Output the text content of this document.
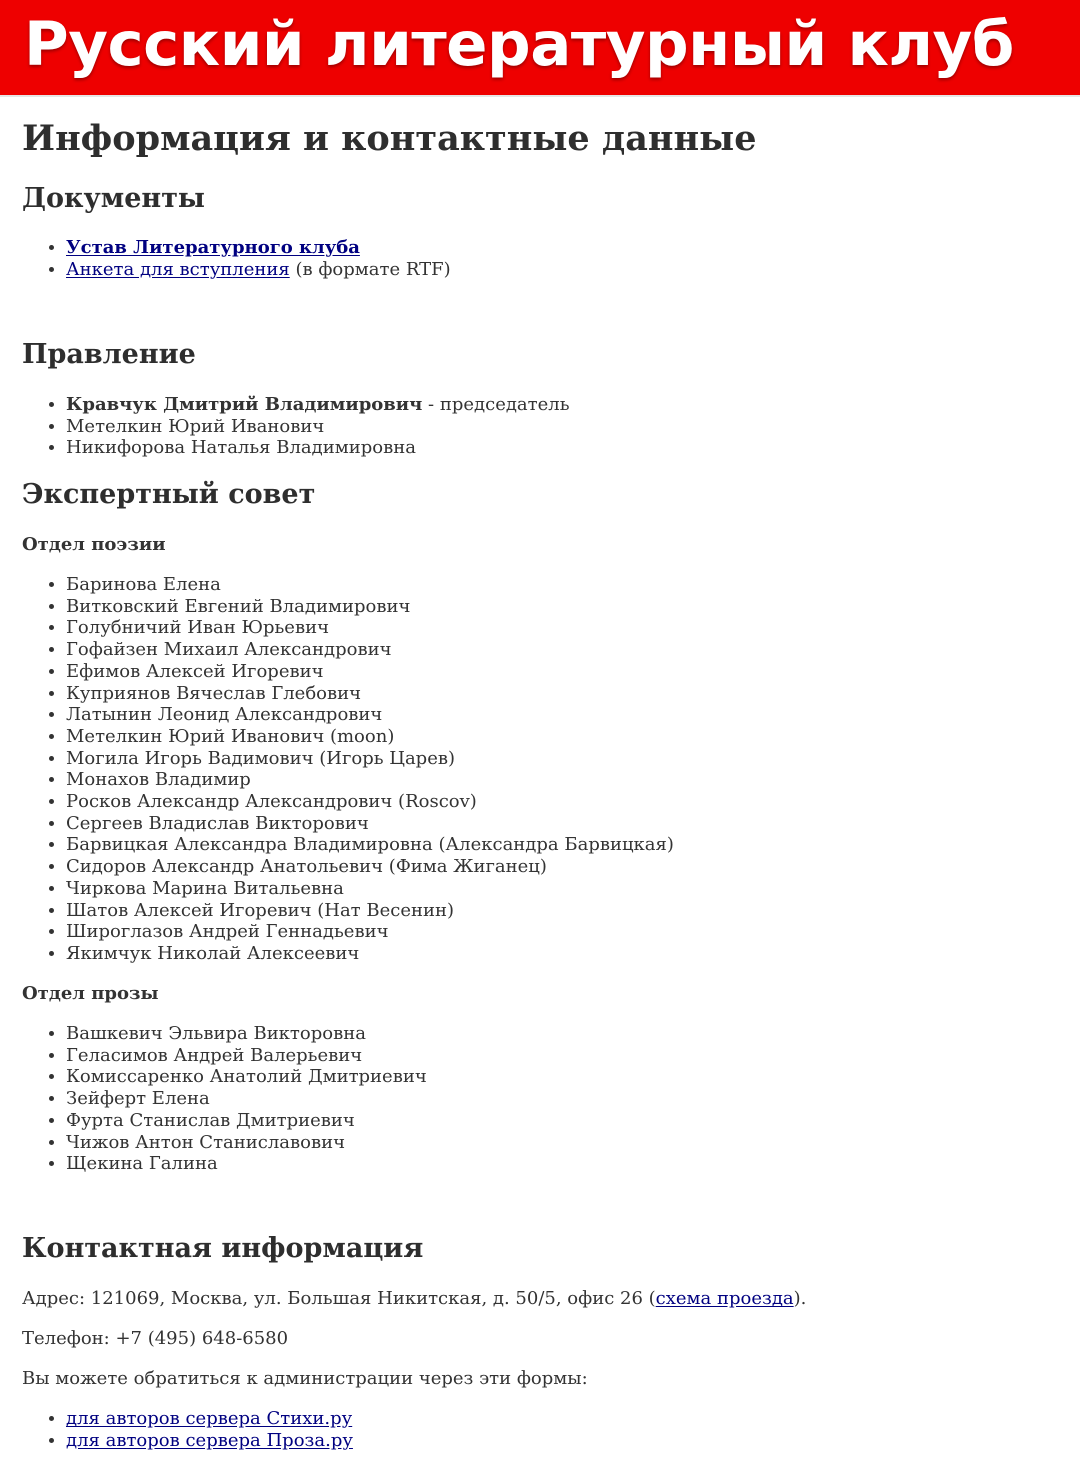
Русский литературный клуб
Информация и контактные данные
Документы
• Устав Литературного клуба
• Анкета для вступления (в формате RTF)
Правление
• Кравчук Дмитрий Владимирович - председатель
• Метелкин Юрий Иванович
• Никифорова Наталья Владимировна
Экспертный совет
Отдел поэзии
• Баринова Елена
• Витковский Евгений Владимирович
• Голубничий Иван Юрьевич
• Гофайзен Михаил Александрович
• Ефимов Алексей Игоревич
• Куприянов Вячеслав Глебович
• Латынин Леонид Александрович
• Метелкин Юрий Иванович (moon)
• Могила Игорь Вадимович (Игорь Царев)
• Монахов Владимир
• Росков Александр Александрович (Roscov)
• Сергеев Владислав Викторович
• Барвицкая Александра Владимировна (Александра Барвицкая)
• Сидоров Александр Анатольевич (Фима Жиганец)
• Чиркова Марина Витальевна
• Шатов Алексей Игоревич (Нат Весенин)
• Широглазов Андрей Геннадьевич
• Якимчук Николай Алексеевич
Отдел прозы
• Вашкевич Эльвира Викторовна
• Геласимов Андрей Валерьевич
• Комиссаренко Анатолий Дмитриевич
• Зейферт Елена
• Фурта Станислав Дмитриевич
• Чижов Антон Станиславович
• Щекина Галина
Контактная информация

Адрес: 121069, Москва, ул. Большая Никитская, д. 50/5, офис 26 (схема проезда).

Телефон: +7 (495) 648-6580

Вы можете обратиться к администрации через эти формы:

• для авторов сервера Стихи.ру
• для авторов сервера Проза.ру
